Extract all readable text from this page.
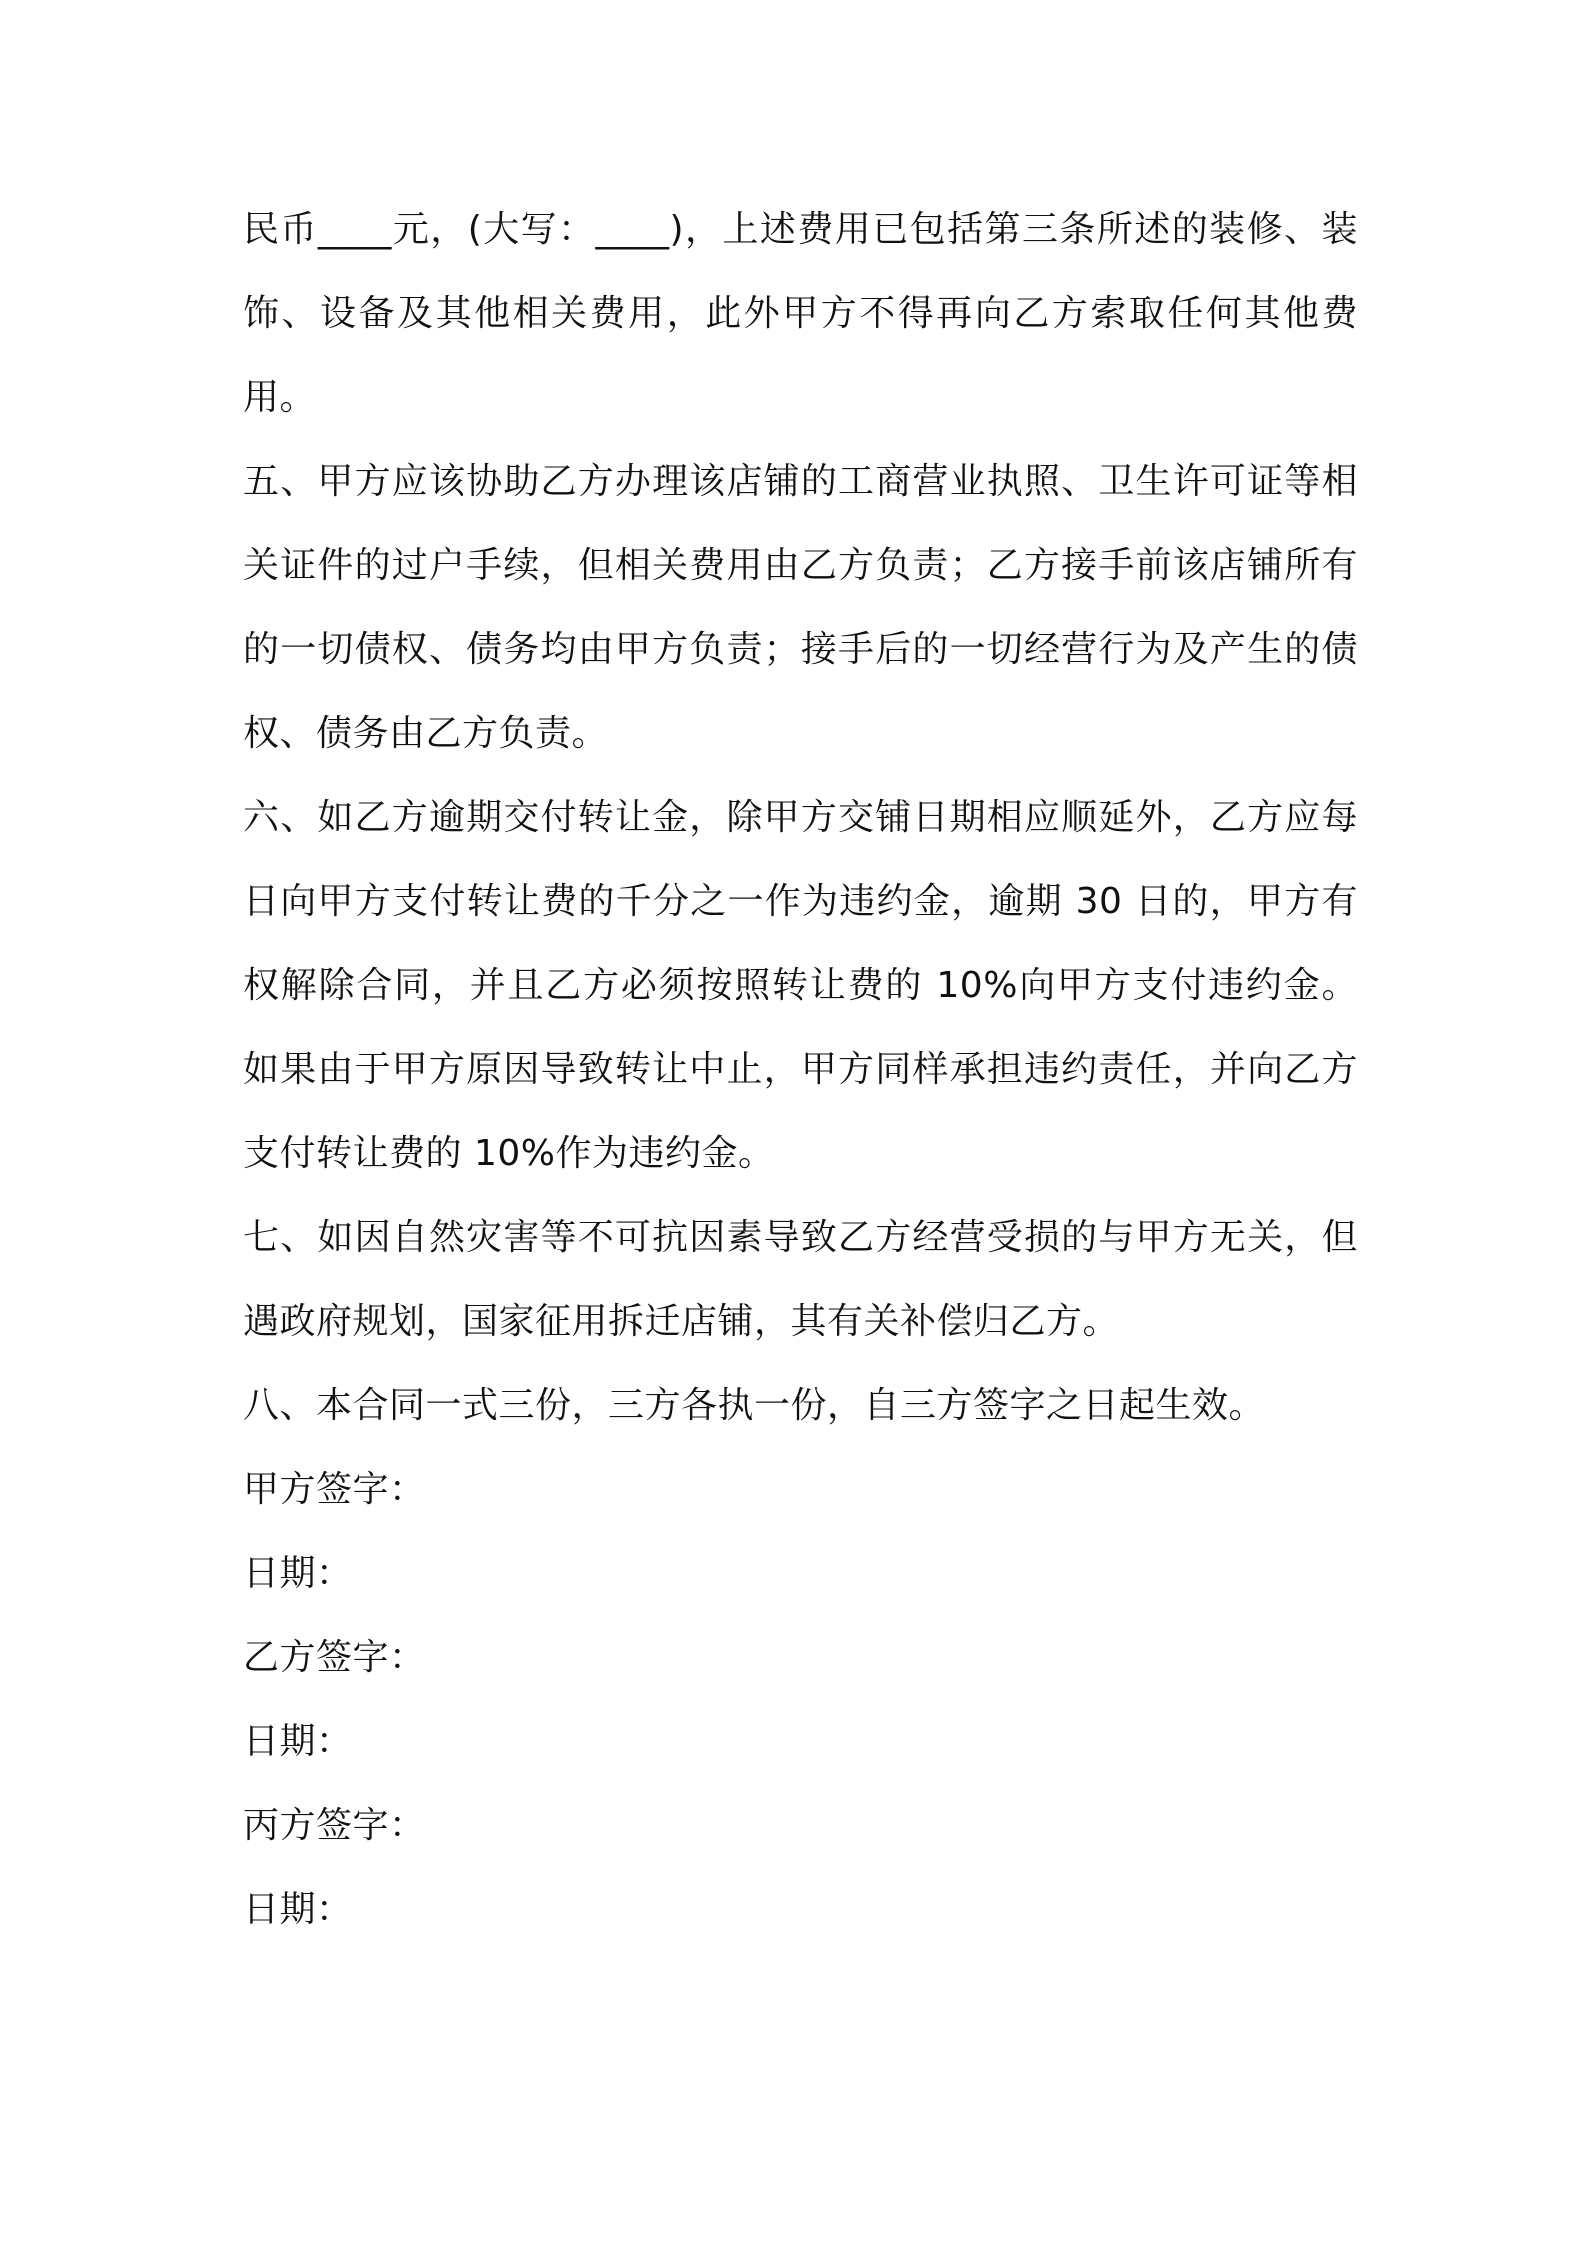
民币____元，(大写：____)，上述费用已包括第三条所述的装修、装饰、设备及其他相关费用，此外甲方不得再向乙方索取任何其他费用。

五、甲方应该协助乙方办理该店铺的工商营业执照、卫生许可证等相关证件的过户手续，但相关费用由乙方负责；乙方接手前该店铺所有的一切债权、债务均由甲方负责；接手后的一切经营行为及产生的债权、债务由乙方负责。

六、如乙方逾期交付转让金，除甲方交铺日期相应顺延外，乙方应每日向甲方支付转让费的千分之一作为违约金，逾期 30 日的，甲方有权解除合同，并且乙方必须按照转让费的 10%向甲方支付违约金。如果由于甲方原因导致转让中止，甲方同样承担违约责任，并向乙方支付转让费的 10%作为违约金。

七、如因自然灾害等不可抗因素导致乙方经营受损的与甲方无关，但遇政府规划，国家征用拆迁店铺，其有关补偿归乙方。

八、本合同一式三份，三方各执一份，自三方签字之日起生效。

甲方签字：
日期：
乙方签字：
日期：
丙方签字：
日期：
